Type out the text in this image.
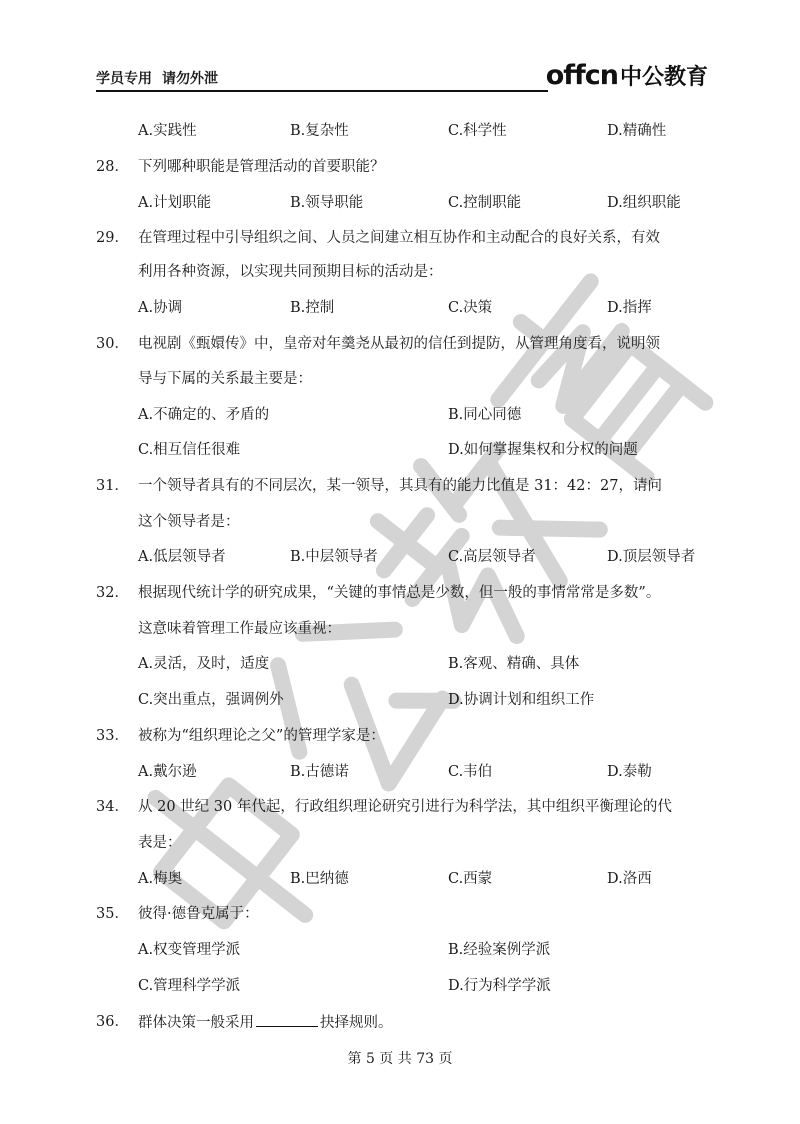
学员专用 请勿外泄	offcn中公教育
A.实践性	B.复杂性	C.科学性	D.精确性
28． 下列哪种职能是管理活动的首要职能？
A.计划职能	B.领导职能	C.控制职能	D.组织职能
29． 在管理过程中引导组织之间、人员之间建立相互协作和主动配合的良好关系，有效
利用各种资源，以实现共同预期目标的活动是：
A.协调	B.控制	C.决策	D.指挥
30． 电视剧《甄嬛传》中，皇帝对年羹尧从最初的信任到提防，从管理角度看，说明领
导与下属的关系最主要是：
A.不确定的、矛盾的	B.同心同德
C.相互信任很难	D.如何掌握集权和分权的问题
31． 一个领导者具有的不同层次，某一领导，其具有的能力比值是 31：42：27，请问
这个领导者是：
A.低层领导者	B.中层领导者	C.高层领导者	D.顶层领导者
32． 根据现代统计学的研究成果，“关键的事情总是少数，但一般的事情常常是多数”。
这意味着管理工作最应该重视：
A.灵活，及时，适度	B.客观、精确、具体
C.突出重点，强调例外	D.协调计划和组织工作
33． 被称为“组织理论之父”的管理学家是：
A.戴尔逊	B.古德诺	C.韦伯	D.泰勒
34． 从 20 世纪 30 年代起，行政组织理论研究引进行为科学法，其中组织平衡理论的代
表是：
A.梅奥	B.巴纳德	C.西蒙	D.洛西
35． 彼得·德鲁克属于：
A.权变管理学派	B.经验案例学派
C.管理科学学派	D.行为科学学派
36． 群体决策一般采用	抉择规则。
第 5 页 共 73 页
